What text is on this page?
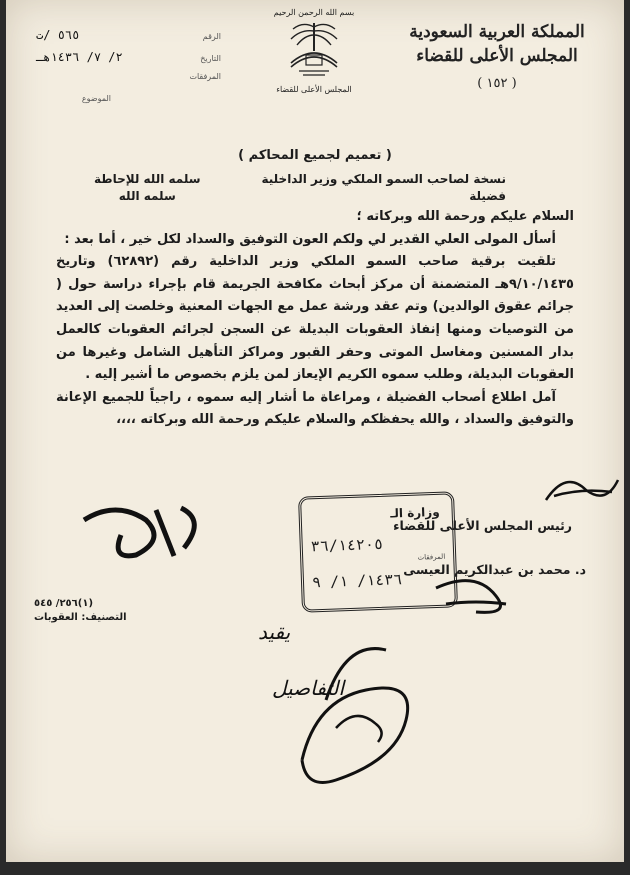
المملكة العربية السعودية
المجلس الأعلى للقضاء
( ١٥٢ )
بسم الله الرحمن الرحيم
المجلس الأعلى للقضاء
الرقم
٥٦٥ /ت
التاريخ
٢/ ٧/ ١٤٣٦هـ
المرفقات
الموضوع
( تعميم لجميع المحاكم )
نسخة لصاحب السمو الملكي وزير الداخلية
فضيلة
سلمه الله للإحاطة
سلمه الله

السلام عليكم ورحمة الله وبركاته ؛

أسأل المولى العلي القدير لي ولكم العون التوفيق والسداد لكل خير ، أما بعد :

تلقيت برقية صاحب السمو الملكي وزير الداخلية رقم (٦٢٨٩٢) وتاريخ ٩/١٠/١٤٣٥هـ المتضمنة أن مركز أبحاث مكافحة الجريمة قام بإجراء دراسة حول ( جرائم عقوق الوالدين) وتم عقد ورشة عمل مع الجهات المعنية وخلصت إلى العديد من التوصيات ومنها إنفاذ العقوبات البديلة عن السجن لجرائم العقوبات كالعمل بدار المسنين ومغاسل الموتى وحفر القبور ومراكز التأهيل الشامل وغيرها من العقوبات البديلة، وطلب سموه الكريم الإيعاز لمن يلزم بخصوص ما أشير إليه .

آمل اطلاع أصحاب الفضيلة ، ومراعاة ما أشار إليه سموه ، راجياً للجميع الإعانة والتوفيق والسداد ، والله يحفظكم والسلام عليكم ورحمة الله وبركاته ،،،،

رئيس المجلس الأعلى للقضاء
د. محمد بن عبدالكريم العيسى
(١)٢٥٦/ ٥٤٥
التصنيف: العقوبات
وزارة الـ
٣٦/١٤٢٠٥
المرفقات
١٤٣٦/ ١/ ٩
يقيد
التفاصيل
